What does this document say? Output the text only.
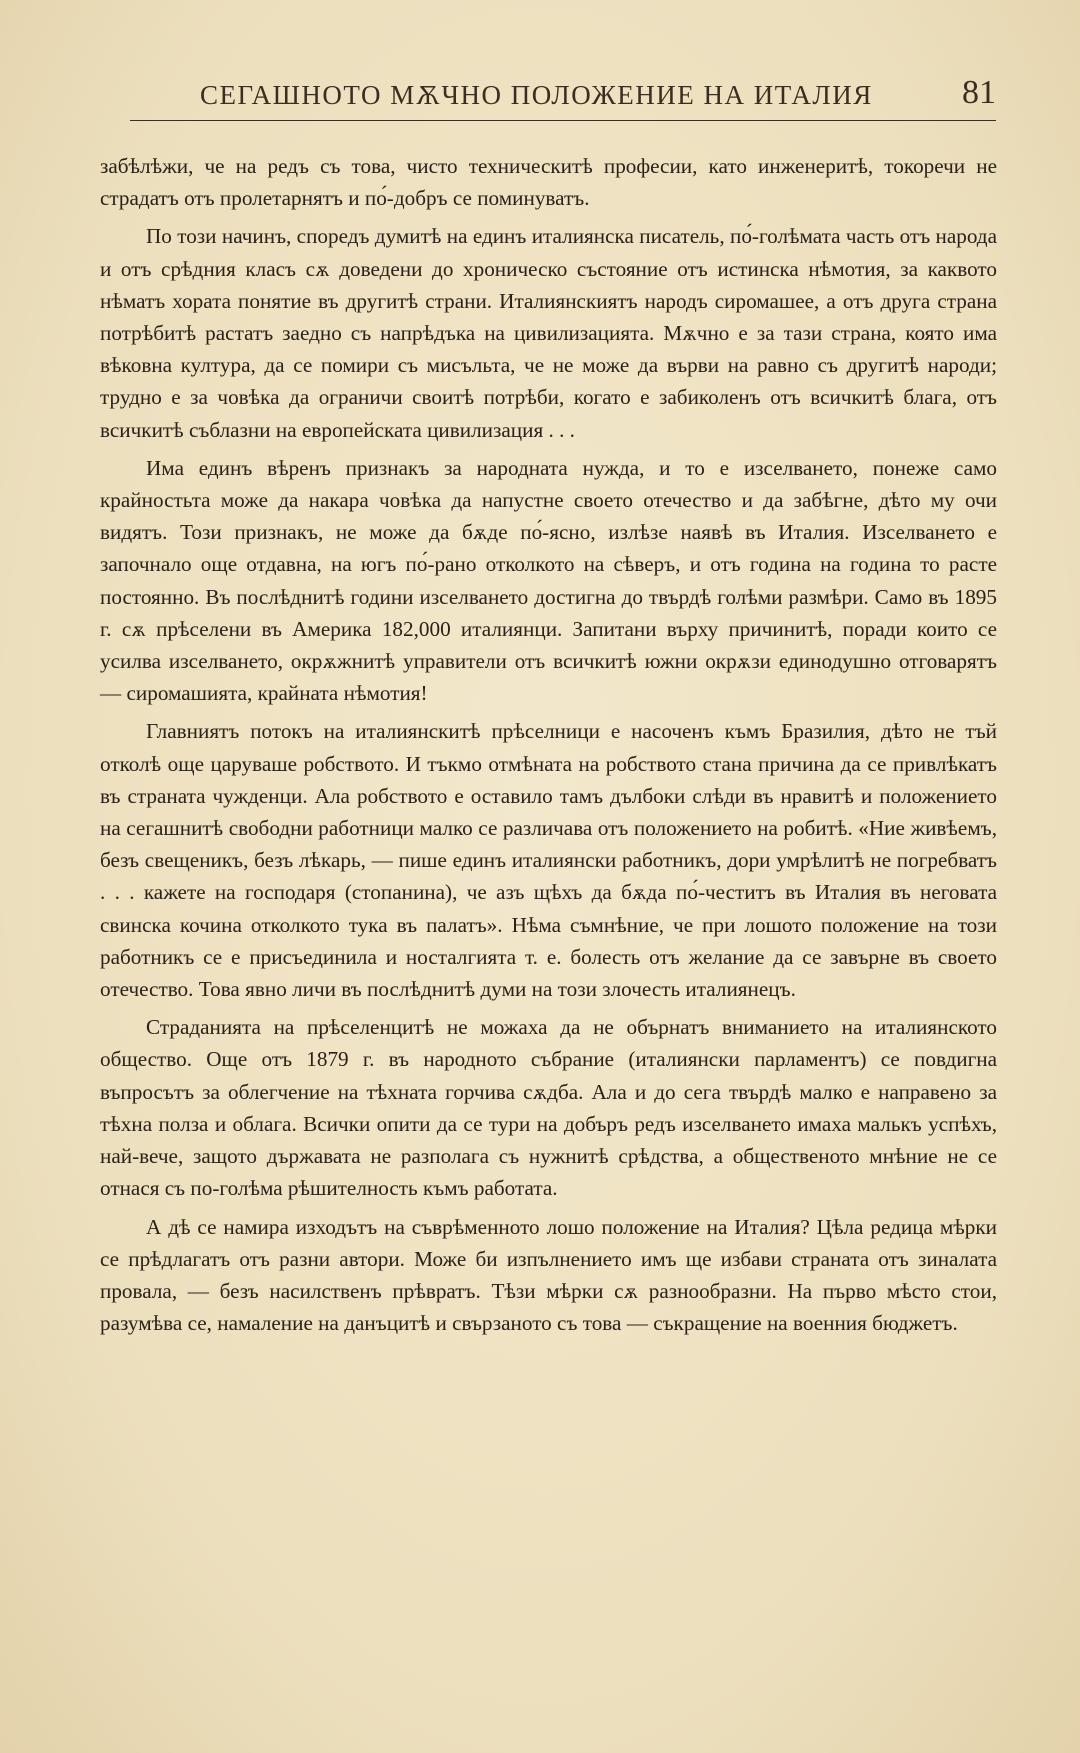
СЕГАШНОТО МѪЧНО ПОЛОЖЕНИЕ НА ИТАЛИЯ	81

забѣлѣжи, че на редъ съ това, чисто техническитѣ професии, като инженеритѣ, токоречи не страдатъ отъ пролетарнятъ и по́-добръ се поминуватъ.

По този начинъ, споредъ думитѣ на единъ италиянска писатель, по́-голѣмата часть отъ народа и отъ срѣдния класъ сѫ доведени до хроническо състояние отъ истинска нѣмотия, за каквото нѣматъ хората понятие въ другитѣ страни. Италиянскиятъ народъ сиромашее, а отъ друга страна потрѣбитѣ растатъ заедно съ напрѣдъка на цивилизацията. Мѫчно е за тази страна, която има вѣковна култура, да се помири съ мисъльта, че не може да върви на равно съ другитѣ народи; трудно е за човѣка да ограничи своитѣ потрѣби, когато е забиколенъ отъ всичкитѣ блага, отъ всичкитѣ съблазни на европейската цивилизация . . .

Има единъ вѣренъ признакъ за народната нужда, и то е изселването, понеже само крайностьта може да накара човѣка да напустне своето отечество и да забѣгне, дѣто му очи видятъ. Този признакъ, не може да бѫде по́-ясно, излѣзе наявѣ въ Италия. Изселването е започнало още отдавна, на югъ по́-рано отколкото на сѣверъ, и отъ година на година то расте постоянно. Въ послѣднитѣ години изселването достигна до твърдѣ голѣми размѣри. Само въ 1895 г. сѫ прѣселени въ Америка 182,000 италиянци. Запитани върху причинитѣ, поради които се усилва изселването, окрѫжнитѣ управители отъ всичкитѣ южни окрѫзи единодушно отговарятъ — сиромашията, крайната нѣмотия!

Главниятъ потокъ на италиянскитѣ прѣселници е насоченъ къмъ Бразилия, дѣто не тъй отколѣ още царуваше робството. И тъкмо отмѣната на робството стана причина да се привлѣкатъ въ страната чужденци. Ала робството е оставило тамъ дълбоки слѣди въ нравитѣ и положението на сегашнитѣ свободни работници малко се различава отъ положението на робитѣ. «Ние живѣемъ, безъ свещеникъ, безъ лѣкарь, — пише единъ италиянски работникъ, дори умрѣлитѣ не погребватъ . . . кажете на господаря (стопанина), че азъ щѣхъ да бѫда по́-честитъ въ Италия въ неговата свинска кочина отколкото тука въ палатъ». Нѣма съмнѣние, че при лошото положение на този работникъ се е присъединила и носталгията т. е. болесть отъ желание да се завърне въ своето отечество. Това явно личи въ послѣднитѣ думи на този злочесть италиянецъ.

Страданията на прѣселенцитѣ не можаха да не обърнатъ вниманието на италиянското общество. Още отъ 1879 г. въ народното събрание (италиянски парламентъ) се повдигна въпросътъ за облегчение на тѣхната горчива сѫдба. Ала и до сега твърдѣ малко е направено за тѣхна полза и облага. Всички опити да се тури на добъръ редъ изселването имаха малькъ успѣхъ, най-вече, защото държавата не разполага съ нужнитѣ срѣдства, а общественото мнѣние не се отнася съ по-голѣма рѣшителность къмъ работата.

А дѣ се намира изходътъ на съврѣменното лошо положение на Италия? Цѣла редица мѣрки се прѣдлагатъ отъ разни автори. Може би изпълнението имъ ще избави страната отъ зиналата провала, — безъ насилственъ прѣвратъ. Тѣзи мѣрки сѫ разнообразни. На първо мѣсто стои, разумѣва се, намаление на данъцитѣ и свързаното съ това — съкращение на военния бюджетъ.
